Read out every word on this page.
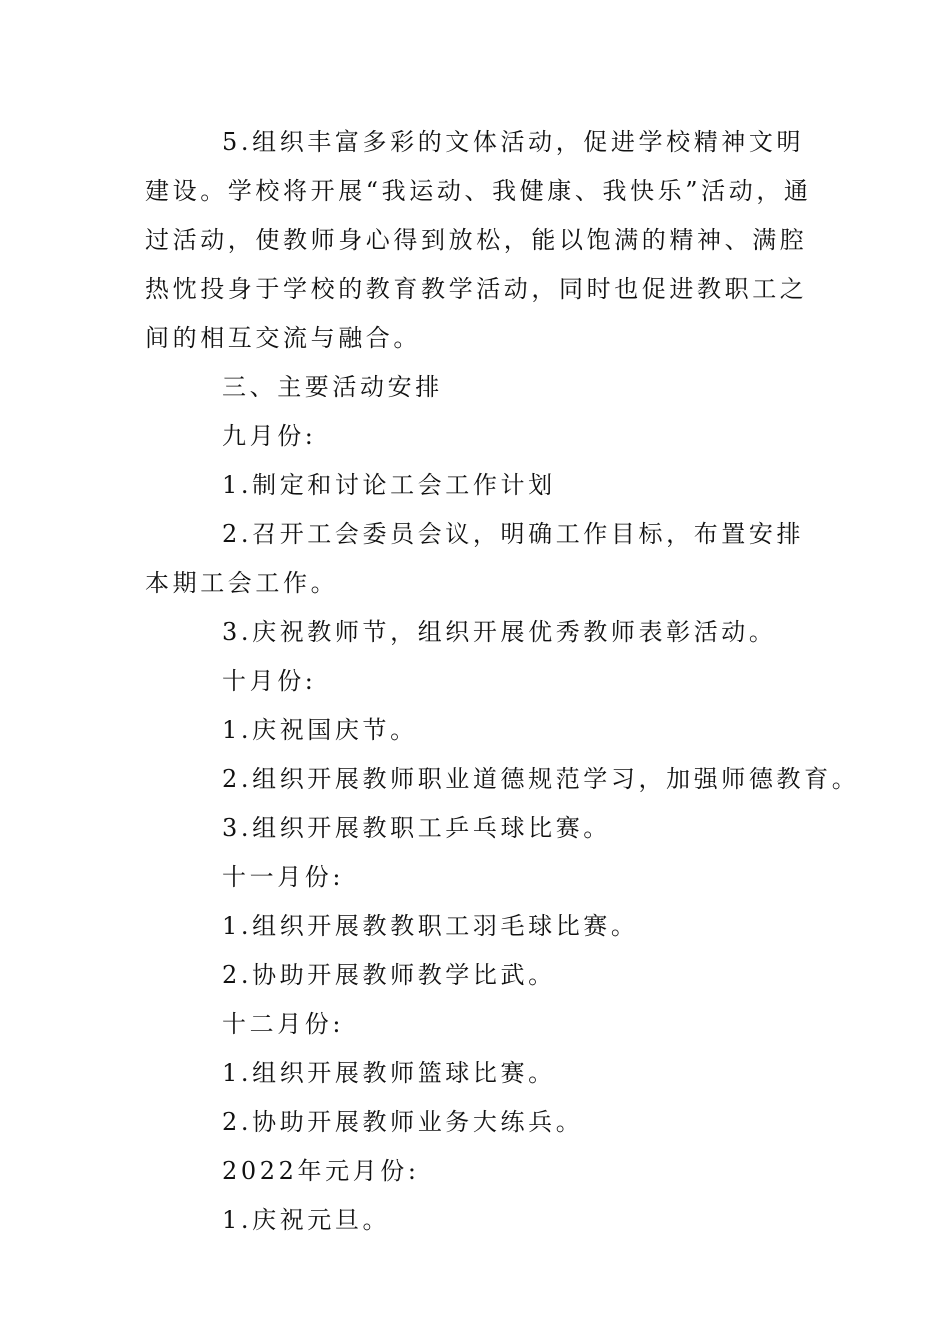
5.组织丰富多彩的文体活动，促进学校精神文明建设。学校将开展“我运动、我健康、我快乐”活动，通过活动，使教师身心得到放松，能以饱满的精神、满腔热忱投身于学校的教育教学活动，同时也促进教职工之间的相互交流与融合。

三、主要活动安排

九月份:

1.制定和讨论工会工作计划

2.召开工会委员会议，明确工作目标，布置安排本期工会工作。

3.庆祝教师节，组织开展优秀教师表彰活动。

十月份:

1.庆祝国庆节。

2.组织开展教师职业道德规范学习，加强师德教育。

3.组织开展教职工乒乓球比赛。

十一月份:

1.组织开展教教职工羽毛球比赛。

2.协助开展教师教学比武。

十二月份:

1.组织开展教师篮球比赛。

2.协助开展教师业务大练兵。

2022年元月份:

1.庆祝元旦。
